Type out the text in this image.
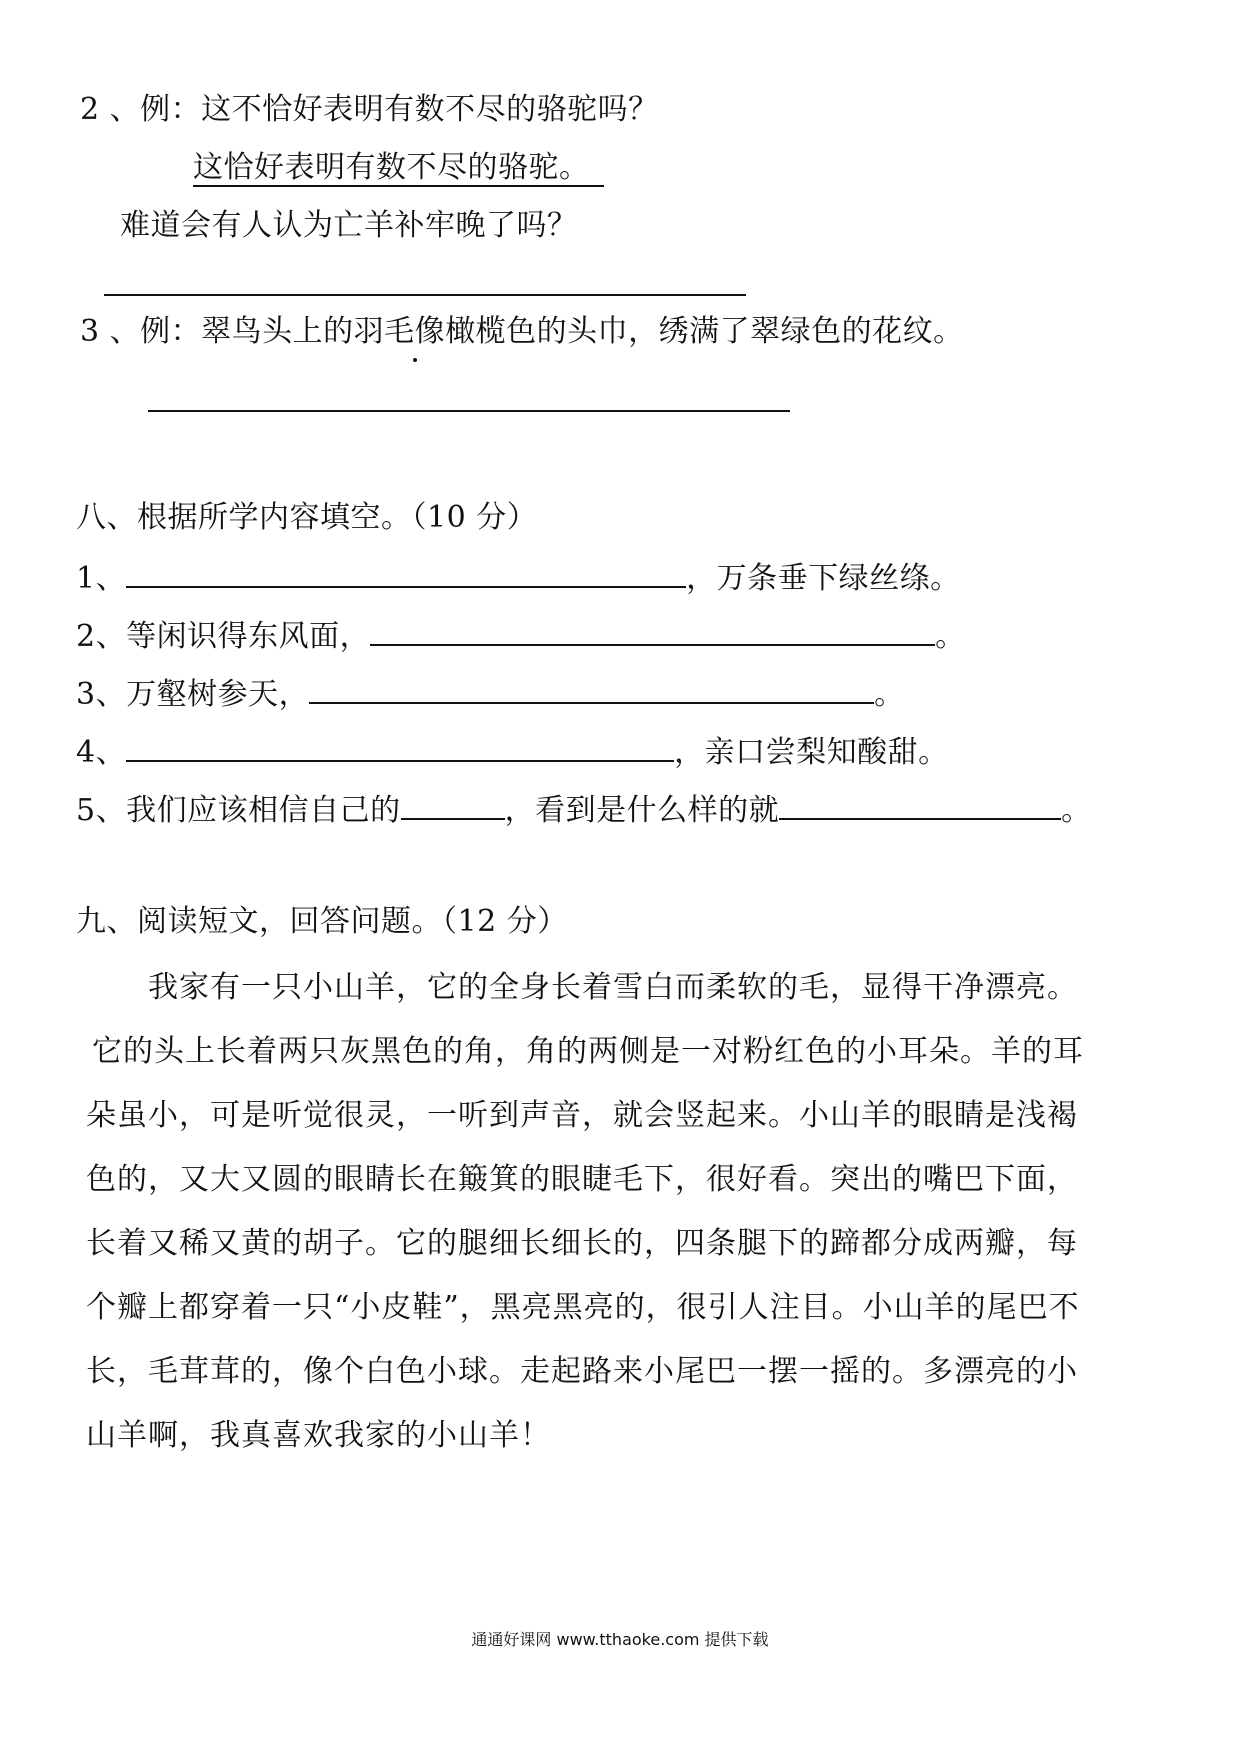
2 、例：这不恰好表明有数不尽的骆驼吗？
这恰好表明有数不尽的骆驼。
难道会有人认为亡羊补牢晚了吗？
3 、例：翠鸟头上的羽毛像橄榄色的头巾，绣满了翠绿色的花纹。
八、根据所学内容填空。（10 分）
1、	，万条垂下绿丝绦。
2、等闲识得东风面，	。
3、万壑树参天，	。
4、	，亲口尝梨知酸甜。
5、我们应该相信自己的	，看到是什么样的就	。
九、阅读短文，回答问题。（12 分）
我家有一只小山羊，它的全身长着雪白而柔软的毛，显得干净漂亮。
它的头上长着两只灰黑色的角，角的两侧是一对粉红色的小耳朵。羊的耳
朵虽小，可是听觉很灵，一听到声音，就会竖起来。小山羊的眼睛是浅褐
色的，又大又圆的眼睛长在簸箕的眼睫毛下，很好看。突出的嘴巴下面，
长着又稀又黄的胡子。它的腿细长细长的，四条腿下的蹄都分成两瓣，每
个瓣上都穿着一只“小皮鞋”，黑亮黑亮的，很引人注目。小山羊的尾巴不
长，毛茸茸的，像个白色小球。走起路来小尾巴一摆一摇的。多漂亮的小
山羊啊，我真喜欢我家的小山羊！
通通好课网 www.tthaoke.com 提供下载
